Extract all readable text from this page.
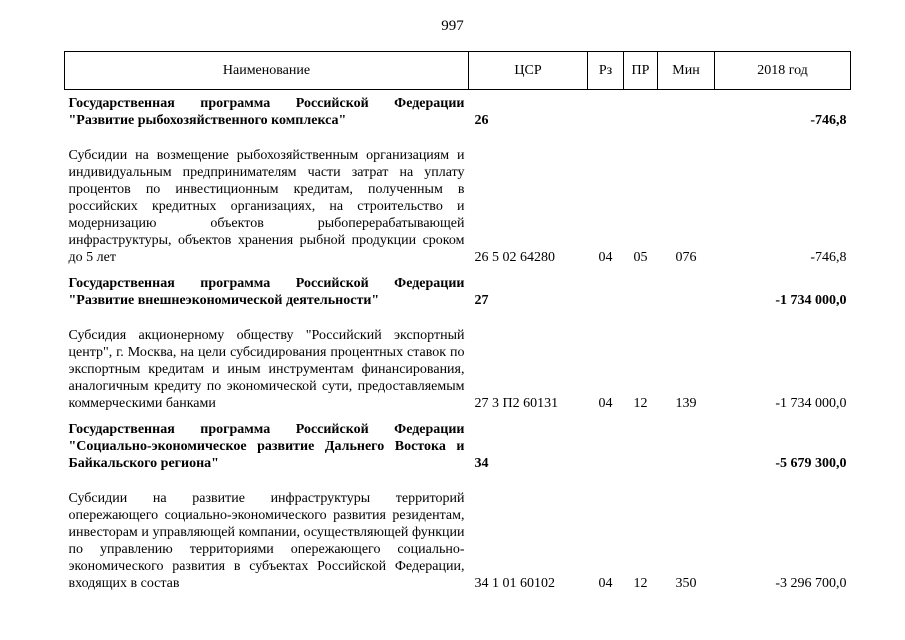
997
Наименование	ЦСР	Рз	ПР	Мин	2018 год
Государственная программа Российской Федерации "Развитие рыбохозяйственного комплекса"	26				-746,8
Субсидии на возмещение рыбохозяйственным организациям и индивидуальным предпринимателям части затрат на уплату процентов по инвестиционным кредитам, полученным в российских кредитных организациях, на строительство и модернизацию объектов рыбоперерабатывающей инфраструктуры, объектов хранения рыбной продукции сроком до 5 лет	26 5 02 64280	04	05	076	-746,8
Государственная программа Российской Федерации "Развитие внешнеэкономической деятельности"	27				-1 734 000,0
Субсидия акционерному обществу "Российский экспортный центр", г. Москва, на цели субсидирования процентных ставок по экспортным кредитам и иным инструментам финансирования, аналогичным кредиту по экономической сути, предоставляемым коммерческими банками	27 3 П2 60131	04	12	139	-1 734 000,0
Государственная программа Российской Федерации "Социально-экономическое развитие Дальнего Востока и Байкальского региона"	34				-5 679 300,0
Субсидии на развитие инфраструктуры территорий опережающего социально-экономического развития резидентам, инвесторам и управляющей компании, осуществляющей функции по управлению территориями опережающего социально-экономического развития в субъектах Российской Федерации, входящих в состав	34 1 01 60102	04	12	350	-3 296 700,0
